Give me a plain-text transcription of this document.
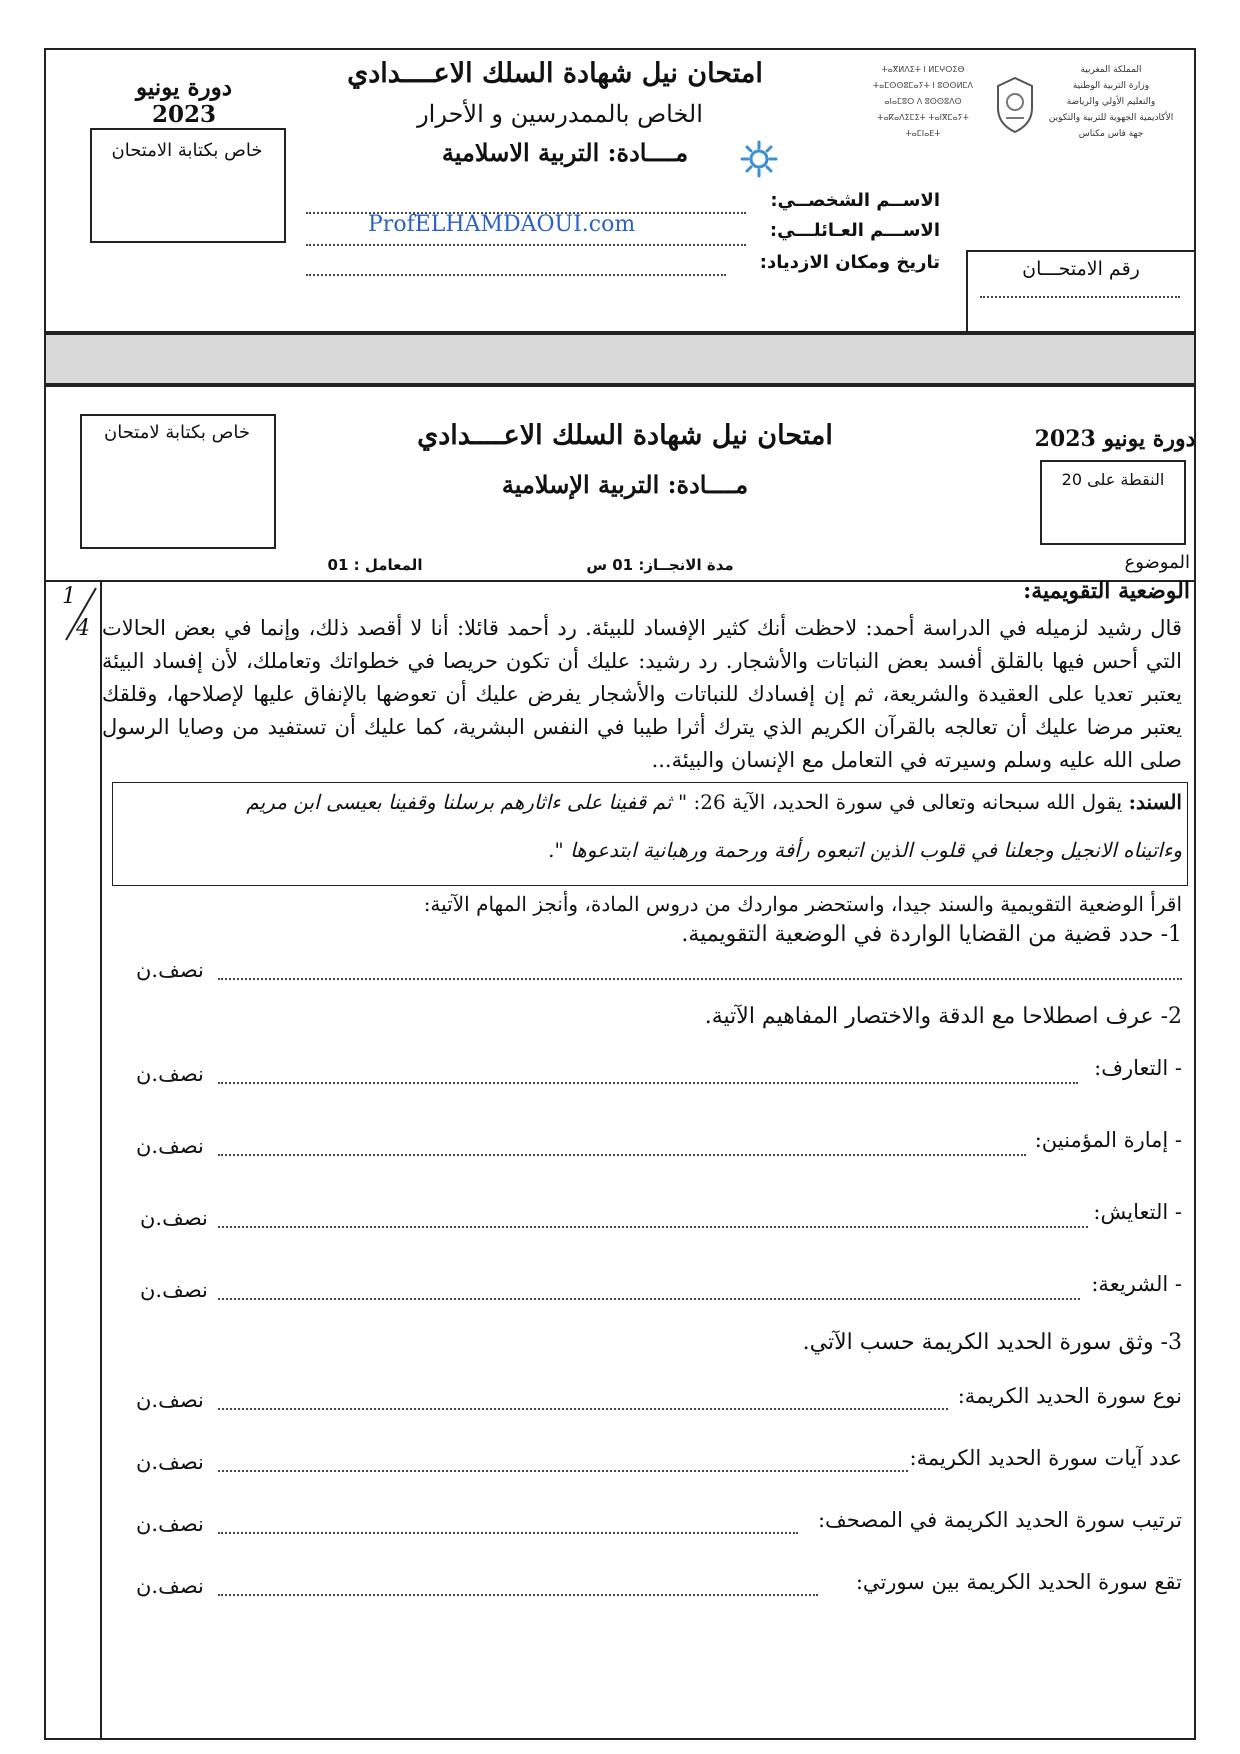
دورة يونيو 2023
خاص بكتابة الامتحان
امتحان نيل شهادة السلك الاعــــدادي
الخاص بالممدرسين و الأحرار
مــــادة: التربية الاسلامية
المملكة المغربية
وزارة التربية الوطنية
والتعليم الأولي والرياضة
الأكاديمية الجهوية للتربية والتكوين
جهة فاس مكناس
ⵜⴰⴳⵍⴷⵉⵜ ⵏ ⵍⵎⵖⵔⵉⴱ
ⵜⴰⵎⵙⵙⵓⵎⴰⵢⵜ ⵏ ⵓⵙⵙⵍⵎⴷ
ⴰⵏⴰⵎⵓⵔ ⴷ ⵓⵙⵙⵓⴷⵙ
ⵜⴰⴽⴰⴷⵉⵎⵉⵜ ⵜⴰⵏⴳⵎⴰⵢⵜ
ⵜⴰⵎⵏⴰⴹⵜ
الاســم الشخصــي:
الاســـم العـائلـــي:
تاريخ ومكان الازدياد:
ProfELHAMDAOUI.com
رقم الامتحـــان
دورة يونيو 2023
النقطة على 20
امتحان نيل شهادة السلك الاعــــدادي
مــــادة: التربية الإسلامية
خاص بكتابة لامتحان
الموضوع
مدة الانجــاز: 01 س
المعامل : 01
1
4
الوضعية التقويمية:
قال رشيد لزميله في الدراسة أحمد: لاحظت أنك كثير الإفساد للبيئة. رد أحمد قائلا: أنا لا أقصد ذلك، وإنما في بعض الحالات التي أحس فيها بالقلق أفسد بعض النباتات والأشجار. رد رشيد: عليك أن تكون حريصا في خطواتك وتعاملك، لأن إفساد البيئة يعتبر تعديا على العقيدة والشريعة، ثم إن إفسادك للنباتات والأشجار يفرض عليك أن تعوضها بالإنفاق عليها لإصلاحها، وقلقك يعتبر مرضا عليك أن تعالجه بالقرآن الكريم الذي يترك أثرا طيبا في النفس البشرية، كما عليك أن تستفيد من وصايا الرسول صلى الله عليه وسلم وسيرته في التعامل مع الإنسان والبيئة...
السند: يقول الله سبحانه وتعالى في سورة الحديد، الآية 26: " ثم قفينا على ءاثارهم برسلنا وقفينا بعيسى ابن مريم
وءاتيناه الانجيل وجعلنا في قلوب الذين اتبعوه رأفة ورحمة ورهبانية ابتدعوها ".
اقرأ الوضعية التقويمية والسند جيدا، واستحضر مواردك من دروس المادة، وأنجز المهام الآتية:
1- حدد قضية من القضايا الواردة في الوضعية التقويمية.
نصف.ن
2- عرف اصطلاحا مع الدقة والاختصار المفاهيم الآتية.
- التعارف:
نصف.ن
- إمارة المؤمنين:
نصف.ن
- التعايش:
نصف.ن
- الشريعة:
نصف.ن
3- وثق سورة الحديد الكريمة حسب الآتي.
نوع سورة الحديد الكريمة:
نصف.ن
عدد آيات سورة الحديد الكريمة:
نصف.ن
ترتيب سورة الحديد الكريمة في المصحف:
نصف.ن
تقع سورة الحديد الكريمة بين سورتي:
نصف.ن
